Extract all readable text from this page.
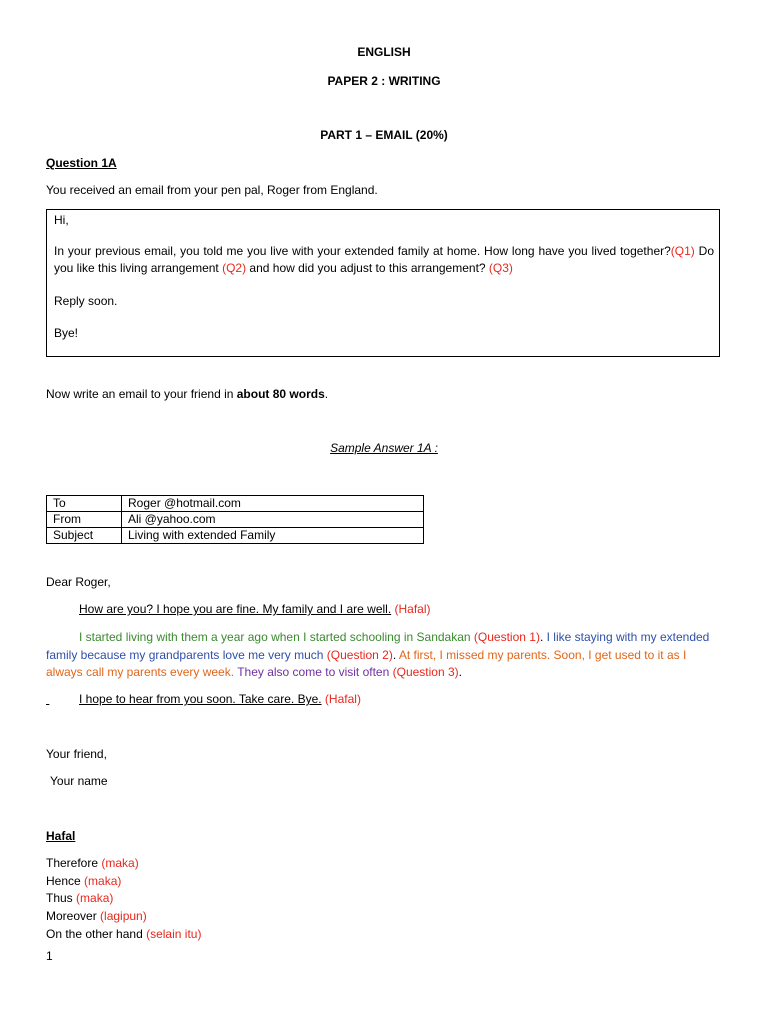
ENGLISH
PAPER 2 : WRITING
PART 1 – EMAIL (20%)
Question 1A
You received an email from your pen pal, Roger from England.
Hi,
In your previous email, you told me you live with your extended family at home. How long have you lived together?(Q1) Do you like this living arrangement (Q2) and how did you adjust to this arrangement? (Q3)
Reply soon.
Bye!
Now write an email to your friend in about 80 words.
Sample Answer 1A :
To	Roger @hotmail.com
From	Ali @yahoo.com
Subject	Living with extended Family
Dear Roger,
How are you? I hope you are fine. My family and I are well. (Hafal)
I started living with them a year ago when I started schooling in Sandakan (Question 1). I like staying with my extended family because my grandparents love me very much (Question 2). At first, I missed my parents. Soon, I get used to it as I always call my parents every week. They also come to visit often (Question 3).
I hope to hear from you soon. Take care. Bye. (Hafal)
Your friend,
Your name
Hafal
Therefore (maka)
Hence (maka)
Thus (maka)
Moreover (lagipun)
On the other hand (selain itu)
1
